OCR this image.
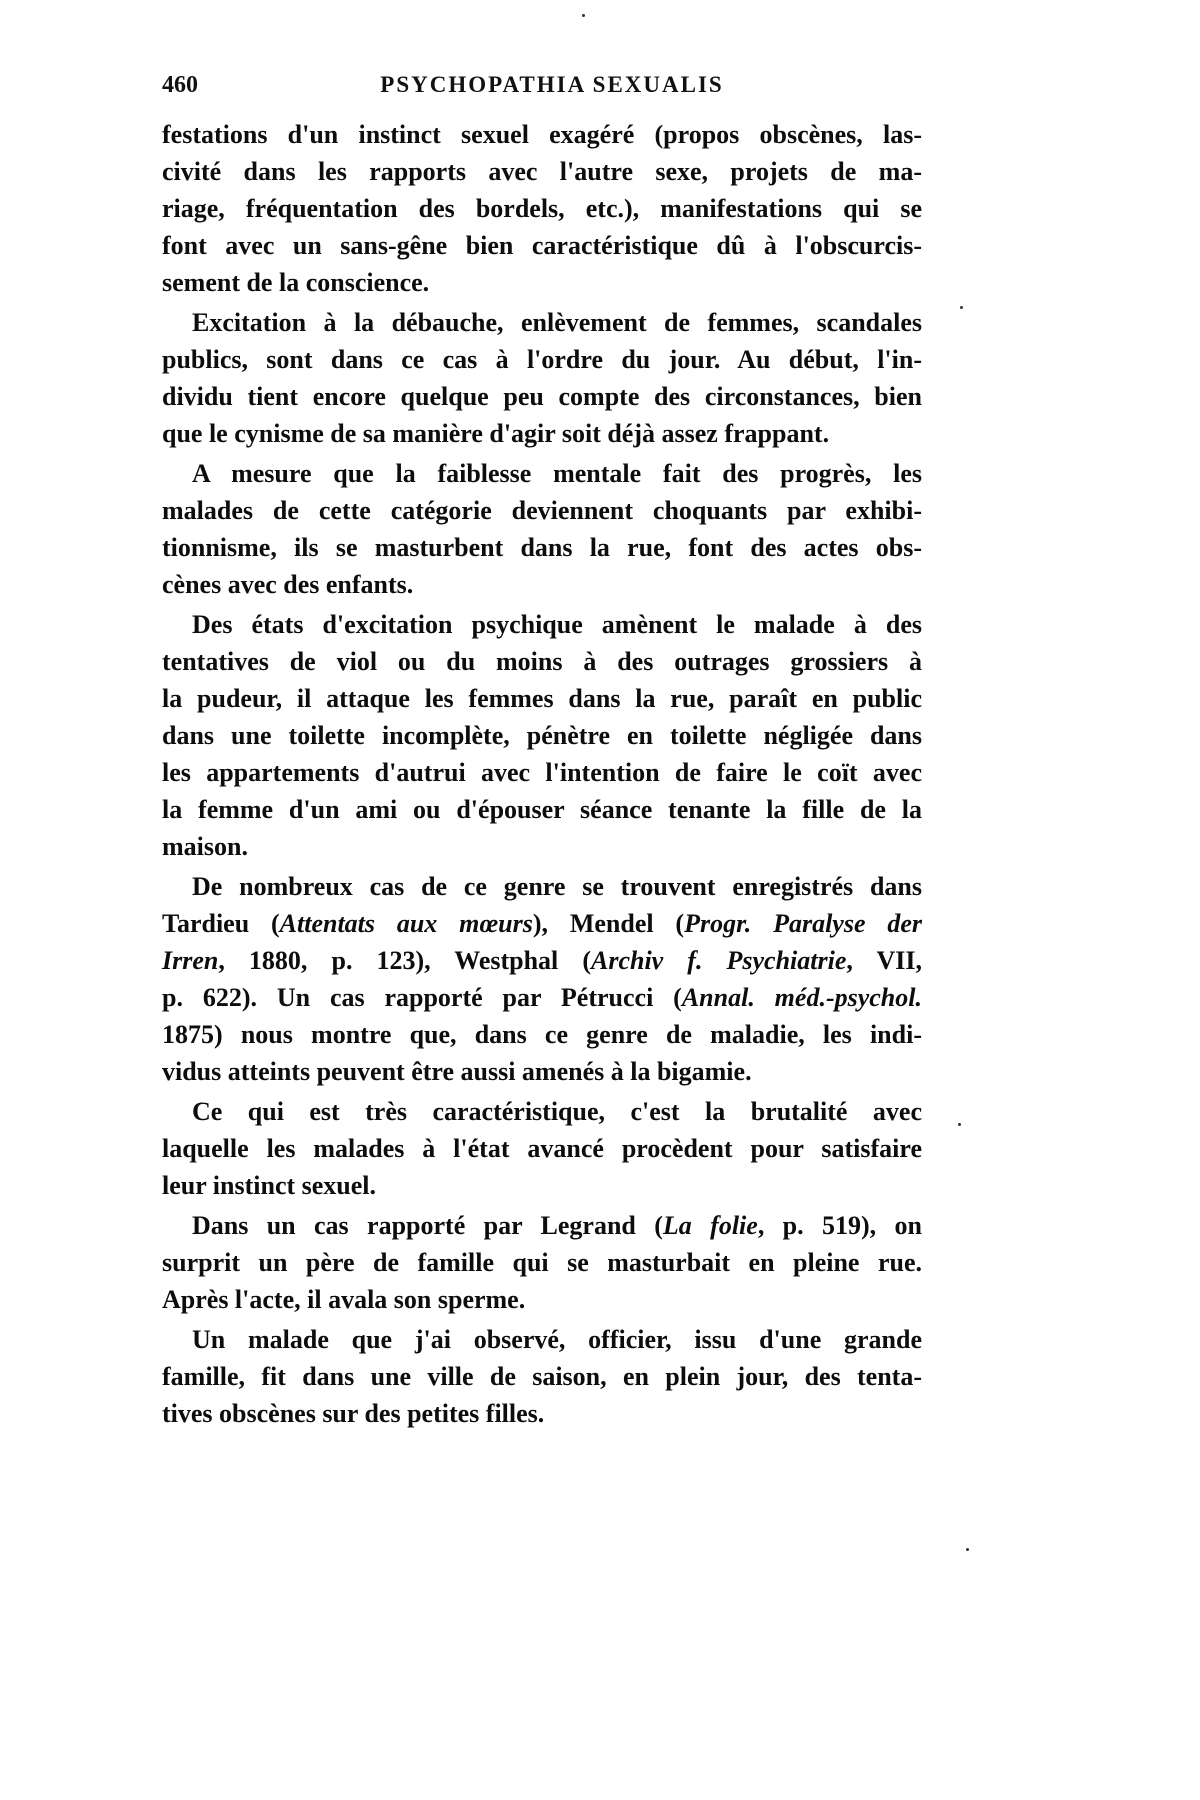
460	PSYCHOPATHIA SEXUALIS
festations d'un instinct sexuel exagéré (propos obscènes, las-
civité dans les rapports avec l'autre sexe, projets de ma-
riage, fréquentation des bordels, etc.), manifestations qui se
font avec un sans-gêne bien caractéristique dû à l'obscurcis-
sement de la conscience.
Excitation à la débauche, enlèvement de femmes, scandales
publics, sont dans ce cas à l'ordre du jour. Au début, l'in-
dividu tient encore quelque peu compte des circonstances, bien
que le cynisme de sa manière d'agir soit déjà assez frappant.
A mesure que la faiblesse mentale fait des progrès, les
malades de cette catégorie deviennent choquants par exhibi-
tionnisme, ils se masturbent dans la rue, font des actes obs-
cènes avec des enfants.
Des états d'excitation psychique amènent le malade à des
tentatives de viol ou du moins à des outrages grossiers à
la pudeur, il attaque les femmes dans la rue, paraît en public
dans une toilette incomplète, pénètre en toilette négligée dans
les appartements d'autrui avec l'intention de faire le coït avec
la femme d'un ami ou d'épouser séance tenante la fille de la
maison.
De nombreux cas de ce genre se trouvent enregistrés dans
Tardieu (Attentats aux mœurs), Mendel (Progr. Paralyse der
Irren, 1880, p. 123), Westphal (Archiv f. Psychiatrie, VII,
p. 622). Un cas rapporté par Pétrucci (Annal. méd.-psychol.
1875) nous montre que, dans ce genre de maladie, les indi-
vidus atteints peuvent être aussi amenés à la bigamie.
Ce qui est très caractéristique, c'est la brutalité avec
laquelle les malades à l'état avancé procèdent pour satisfaire
leur instinct sexuel.
Dans un cas rapporté par Legrand (La folie, p. 519), on
surprit un père de famille qui se masturbait en pleine rue.
Après l'acte, il avala son sperme.
Un malade que j'ai observé, officier, issu d'une grande
famille, fit dans une ville de saison, en plein jour, des tenta-
tives obscènes sur des petites filles.
